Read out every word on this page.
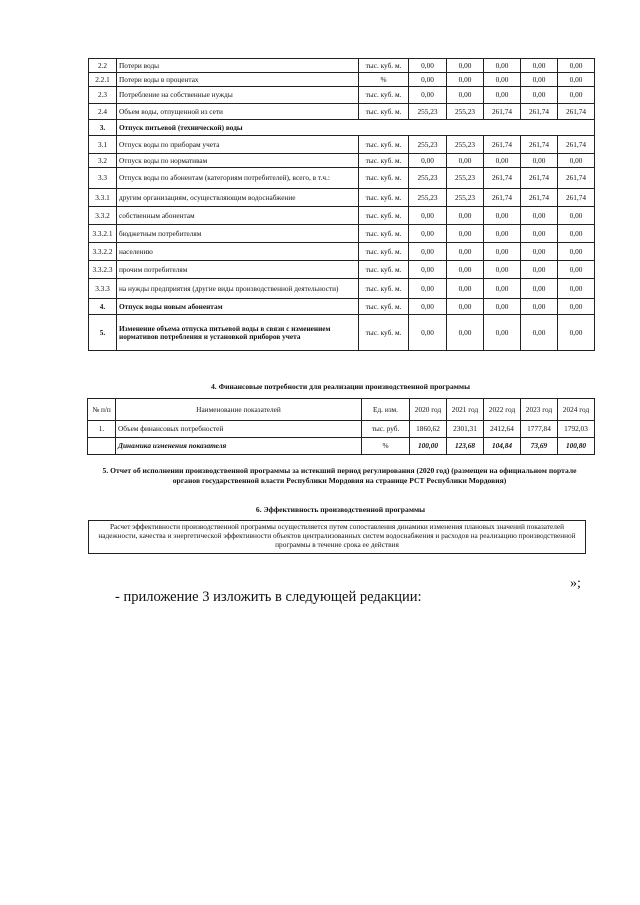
2.2	Потери воды	тыс. куб. м.	0,00	0,00	0,00	0,00	0,00
2.2.1	Потери воды в процентах	%	0,00	0,00	0,00	0,00	0,00
2.3	Потребление на собственные нужды	тыс. куб. м.	0,00	0,00	0,00	0,00	0,00
2.4	Объем воды, отпущенной из сети	тыс. куб. м.	255,23	255,23	261,74	261,74	261,74
3.	Отпуск питьевой (технической) воды						
3.1	Отпуск воды по приборам учета	тыс. куб. м.	255,23	255,23	261,74	261,74	261,74
3.2	Отпуск воды по нормативам	тыс. куб. м.	0,00	0,00	0,00	0,00	0,00
3.3	Отпуск воды по абонентам (категориям потребителей), всего, в т.ч.:	тыс. куб. м.	255,23	255,23	261,74	261,74	261,74
3.3.1	другим организациям, осуществляющим водоснабжение	тыс. куб. м.	255,23	255,23	261,74	261,74	261,74
3.3.2	собственным абонентам	тыс. куб. м.	0,00	0,00	0,00	0,00	0,00
3.3.2.1	бюджетным потребителям	тыс. куб. м.	0,00	0,00	0,00	0,00	0,00
3.3.2.2	населению	тыс. куб. м.	0,00	0,00	0,00	0,00	0,00
3.3.2.3	прочим потребителям	тыс. куб. м.	0,00	0,00	0,00	0,00	0,00
3.3.3	на нужды предприятия (другие виды производственной деятельности)	тыс. куб. м.	0,00	0,00	0,00	0,00	0,00
4.	Отпуск воды новым абонентам	тыс. куб. м.	0,00	0,00	0,00	0,00	0,00
5.	Изменение объема отпуска питьевой воды в связи с изменением нормативов потребления и установкой приборов учета	тыс. куб. м.	0,00	0,00	0,00	0,00	0,00
4. Финансовые потребности для реализации производственной программы
№ п/п	Наименование показателей	Ед. изм.	2020 год	2021 год	2022 год	2023 год	2024 год
1.	Объем финансовых потребностей	тыс. руб.	1860,62	2301,31	2412,64	1777,84	1792,03
	Динамика изменения показателя	%	100,00	123,68	104,84	73,69	100,80
5. Отчет об исполнении производственной программы за истекший период регулирования (2020 год) (размещен на официальном портале органов государственной власти Республики Мордовия на странице РСТ Республики Мордовия)
6. Эффективность производственной программы
Расчет эффективности производственной программы осуществляется путем сопоставления динамики изменения плановых значений показателей надежности, качества и энергетической эффективности объектов централизованных систем водоснабжения и расходов на реализацию производственной программы в течение срока ее действия
»;
- приложение 3 изложить в следующей редакции:
